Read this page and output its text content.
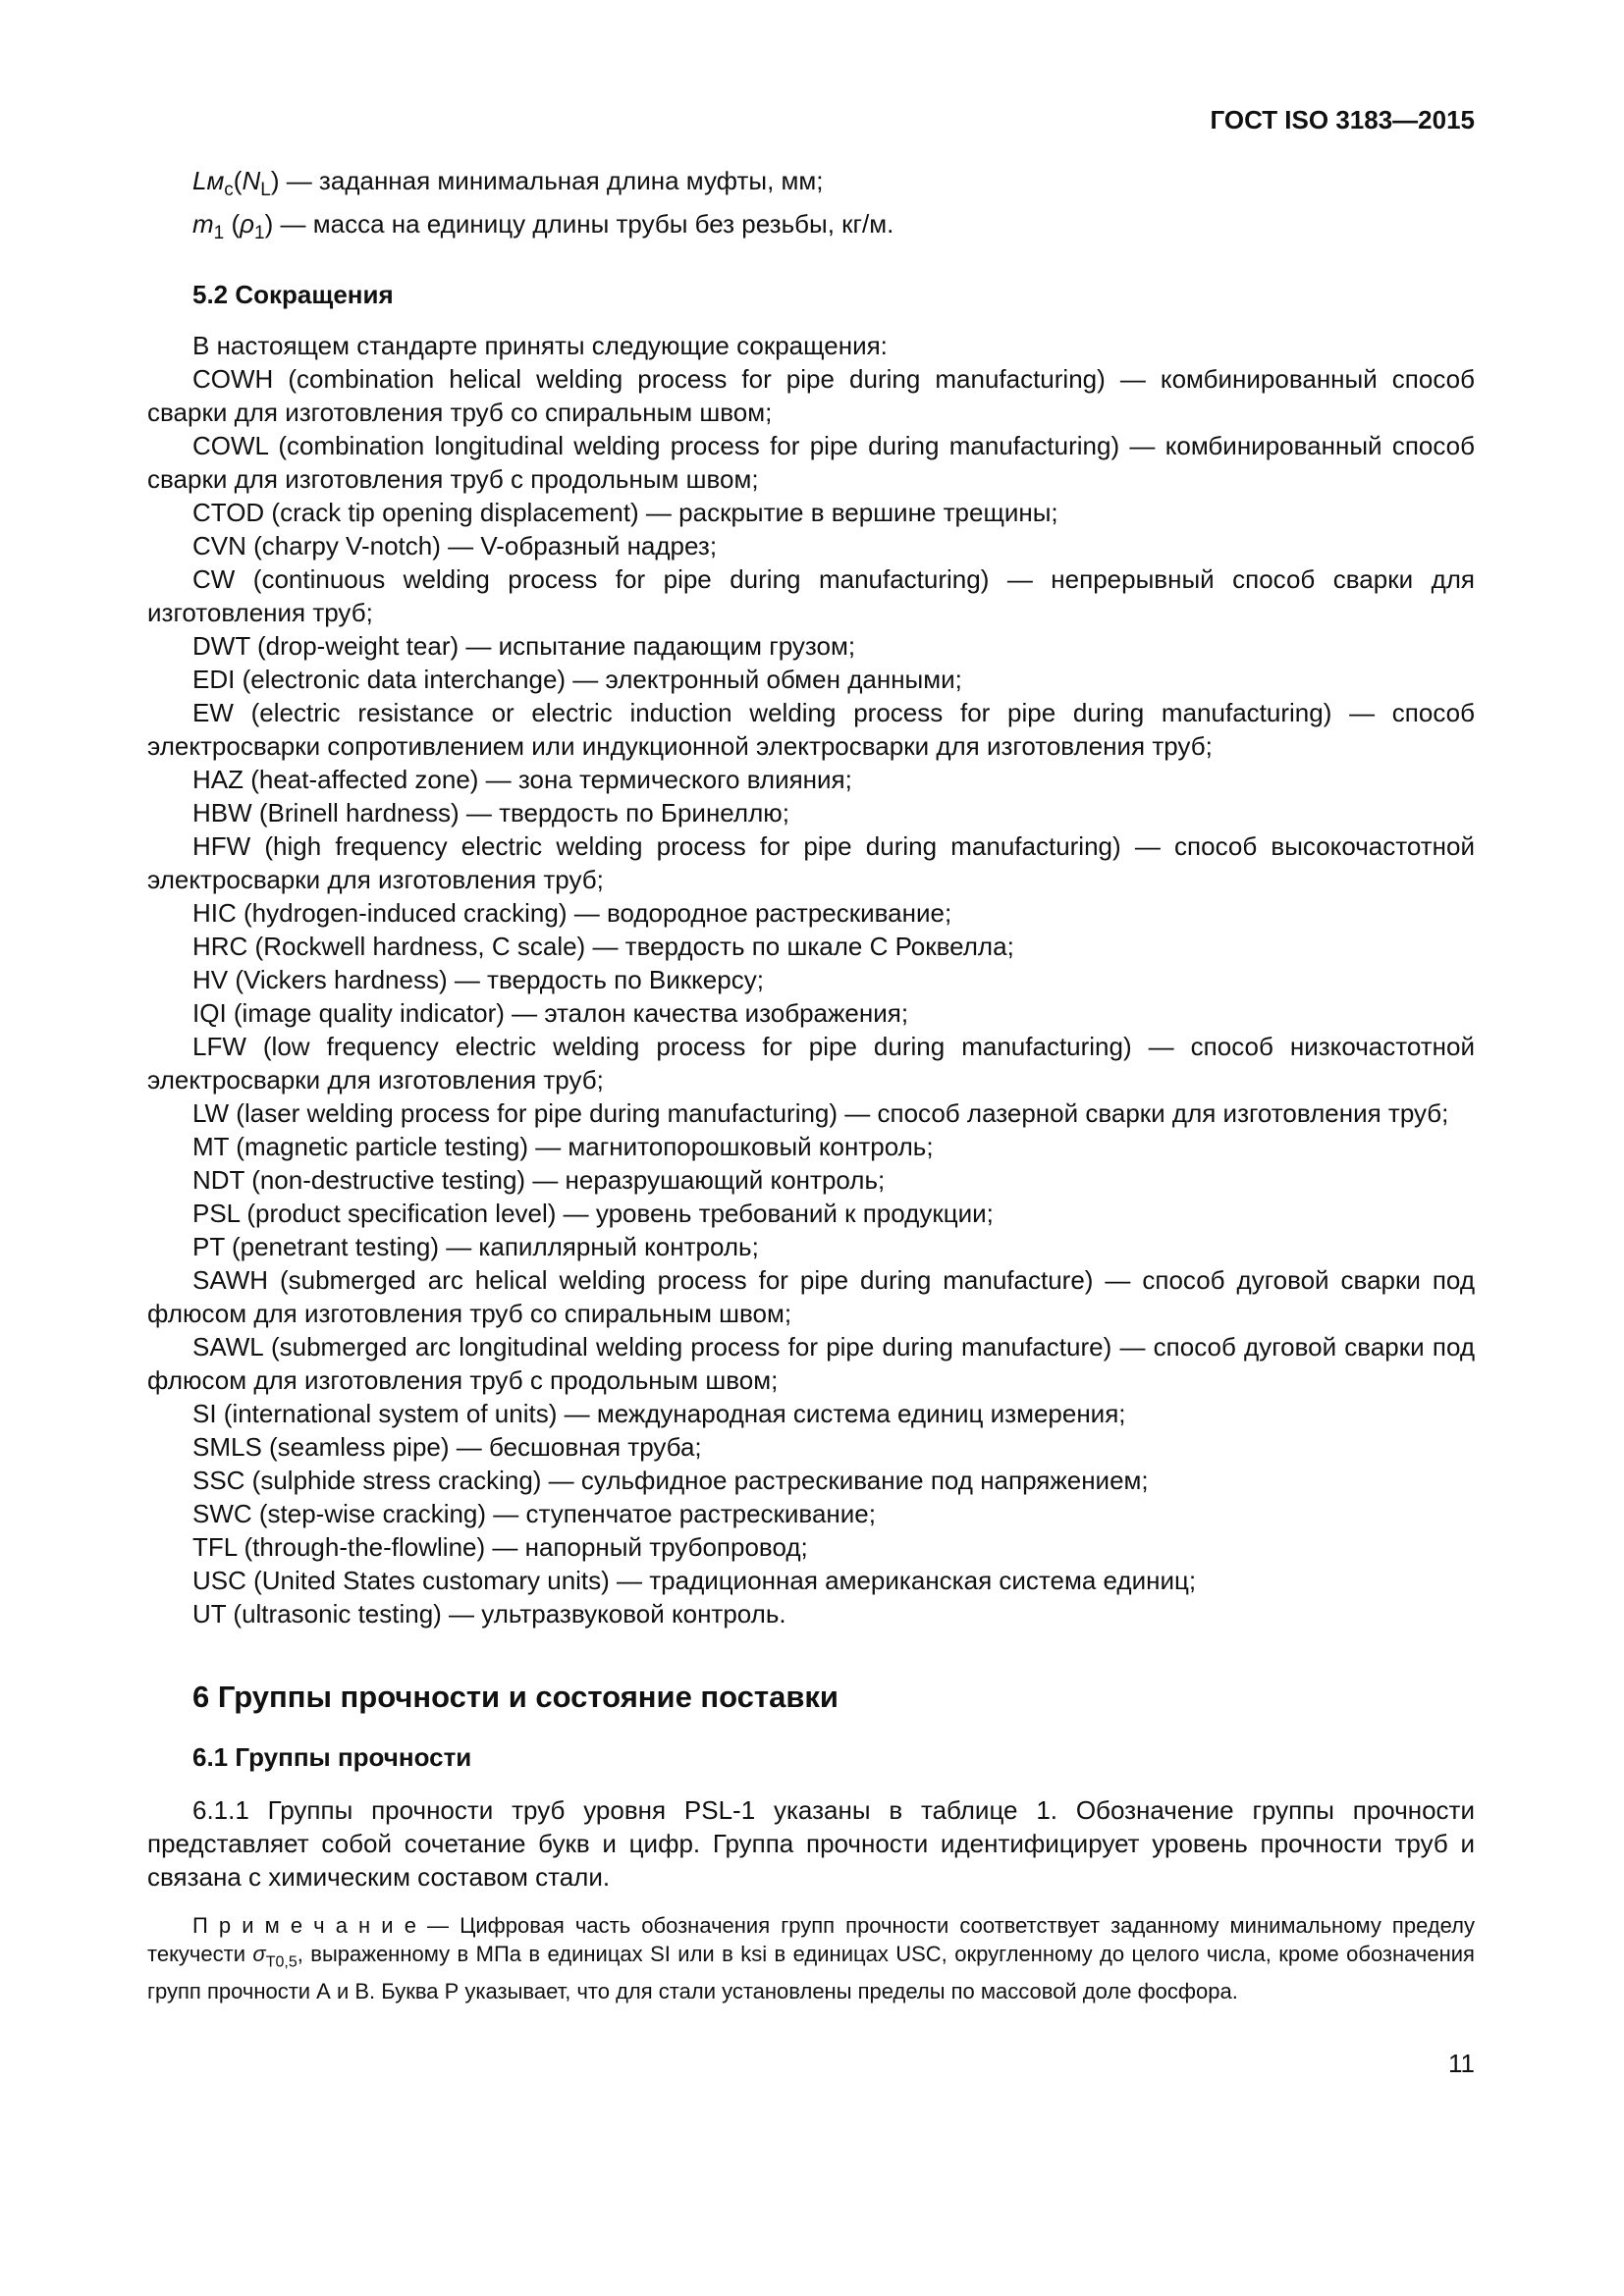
ГОСТ ISO 3183—2015

$Lм_c(N_L)$ — заданная минимальная длина муфты, мм;

$m_1$ $(\rho_1)$ — масса на единицу длины трубы без резьбы, кг/м.

5.2 Сокращения

В настоящем стандарте приняты следующие сокращения:

COWH (combination helical welding process for pipe during manufacturing) — комбинированный способ сварки для изготовления труб со спиральным швом;

COWL (combination longitudinal welding process for pipe during manufacturing) — комбинированный способ сварки для изготовления труб с продольным швом;

CTOD (crack tip opening displacement) — раскрытие в вершине трещины;

CVN (charpy V-notch) — V-образный надрез;

CW (continuous welding process for pipe during manufacturing) — непрерывный способ сварки для изготовления труб;

DWT (drop-weight tear) — испытание падающим грузом;

EDI (electronic data interchange) — электронный обмен данными;

EW (electric resistance or electric induction welding process for pipe during manufacturing) — способ электросварки сопротивлением или индукционной электросварки для изготовления труб;

HAZ (heat-affected zone) — зона термического влияния;

HBW (Brinell hardness) — твердость по Бринеллю;

HFW (high frequency electric welding process for pipe during manufacturing) — способ высокочастотной электросварки для изготовления труб;

HIC (hydrogen-induced cracking) — водородное растрескивание;

HRC (Rockwell hardness, C scale) — твердость по шкале С Роквелла;

HV (Vickers hardness) — твердость по Виккерсу;

IQI (image quality indicator) — эталон качества изображения;

LFW (low frequency electric welding process for pipe during manufacturing) — способ низкочастотной электросварки для изготовления труб;

LW (laser welding process for pipe during manufacturing) — способ лазерной сварки для изготовления труб;

MT (magnetic particle testing) — магнитопорошковый контроль;

NDT (non-destructive testing) — неразрушающий контроль;

PSL (product specification level) — уровень требований к продукции;

PT (penetrant testing) — капиллярный контроль;

SAWH (submerged arc helical welding process for pipe during manufacture) — способ дуговой сварки под флюсом для изготовления труб со спиральным швом;

SAWL (submerged arc longitudinal welding process for pipe during manufacture) — способ дуговой сварки под флюсом для изготовления труб с продольным швом;

SI (international system of units) — международная система единиц измерения;

SMLS (seamless pipe) — бесшовная труба;

SSC (sulphide stress cracking) — сульфидное растрескивание под напряжением;

SWC (step-wise cracking) — ступенчатое растрескивание;

TFL (through-the-flowline) — напорный трубопровод;

USC (United States customary units) — традиционная американская система единиц;

UT (ultrasonic testing) — ультразвуковой контроль.

6 Группы прочности и состояние поставки
6.1 Группы прочности

6.1.1 Группы прочности труб уровня PSL-1 указаны в таблице 1. Обозначение группы прочности представляет собой сочетание букв и цифр. Группа прочности идентифицирует уровень прочности труб и связана с химическим составом стали.

П р и м е ч а н и е — Цифровая часть обозначения групп прочности соответствует заданному минимальному пределу текучести $\sigma_{Т0,5}$, выраженному в МПа в единицах SI или в ksi в единицах USC, округленному до целого числа, кроме обозначения групп прочности А и В. Буква Р указывает, что для стали установлены пределы по массовой доле фосфора.

11
